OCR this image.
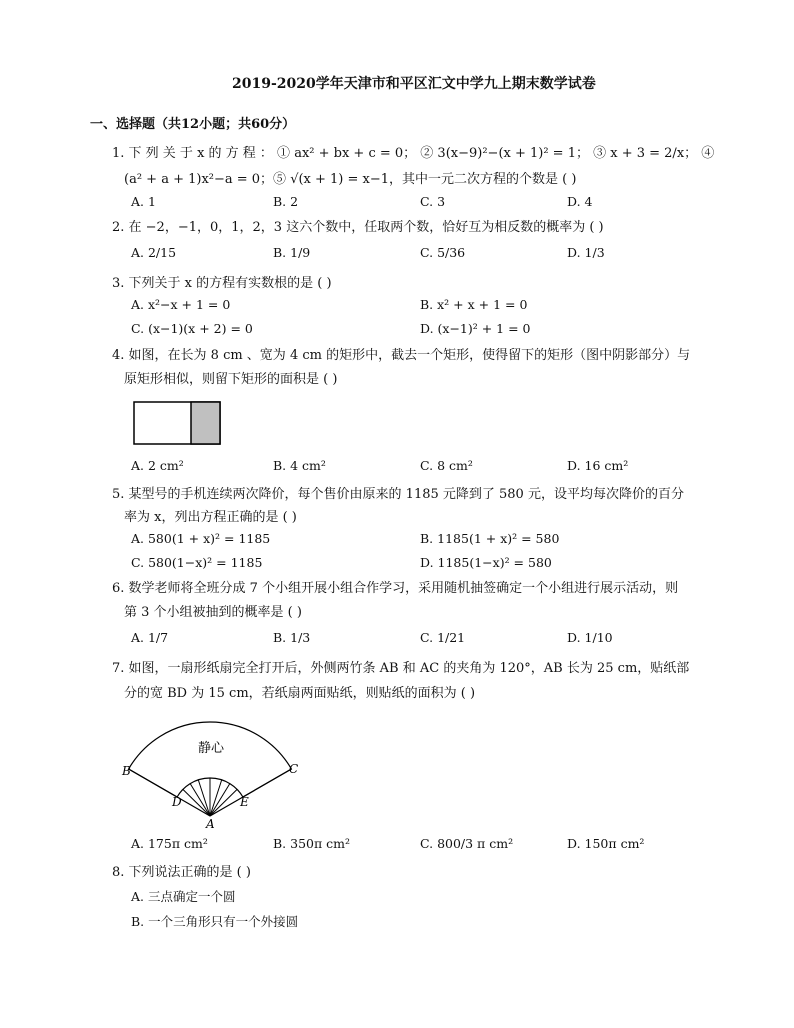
2019-2020学年天津市和平区汇文中学九上期末数学试卷
一、选择题（共12小题；共60分）
1. 下 列 关 于 x 的 方 程 ： ① ax² + bx + c = 0； ② 3(x−9)²−(x + 1)² = 1； ③ x + 3 = 2/x； ④
(a² + a + 1)x²−a = 0；⑤ √(x + 1) = x−1，其中一元二次方程的个数是 ( )
A. 1	B. 2	C. 3	D. 4
2. 在 −2，−1，0，1，2，3 这六个数中，任取两个数，恰好互为相反数的概率为 ( )
A. 2/15	B. 1/9	C. 5/36	D. 1/3
3. 下列关于 x 的方程有实数根的是 ( )
A. x²−x + 1 = 0	B. x² + x + 1 = 0
C. (x−1)(x + 2) = 0	D. (x−1)² + 1 = 0
4. 如图，在长为 8 cm 、宽为 4 cm 的矩形中，截去一个矩形，使得留下的矩形（图中阴影部分）与
原矩形相似，则留下矩形的面积是 ( )
A. 2 cm²	B. 4 cm²	C. 8 cm²	D. 16 cm²
5. 某型号的手机连续两次降价，每个售价由原来的 1185 元降到了 580 元，设平均每次降价的百分
率为 x，列出方程正确的是 ( )
A. 580(1 + x)² = 1185	B. 1185(1 + x)² = 580
C. 580(1−x)² = 1185	D. 1185(1−x)² = 580
6. 数学老师将全班分成 7 个小组开展小组合作学习，采用随机抽签确定一个小组进行展示活动，则
第 3 个小组被抽到的概率是 ( )
A. 1/7	B. 1/3	C. 1/21	D. 1/10
7. 如图，一扇形纸扇完全打开后，外侧两竹条 AB 和 AC 的夹角为 120°，AB 长为 25 cm，贴纸部
分的宽 BD 为 15 cm，若纸扇两面贴纸，则贴纸的面积为 ( )
静心
B	C
D	E
A
A. 175π cm²	B. 350π cm²	C. 800/3 π cm²	D. 150π cm²
8. 下列说法正确的是 ( )
A. 三点确定一个圆
B. 一个三角形只有一个外接圆
